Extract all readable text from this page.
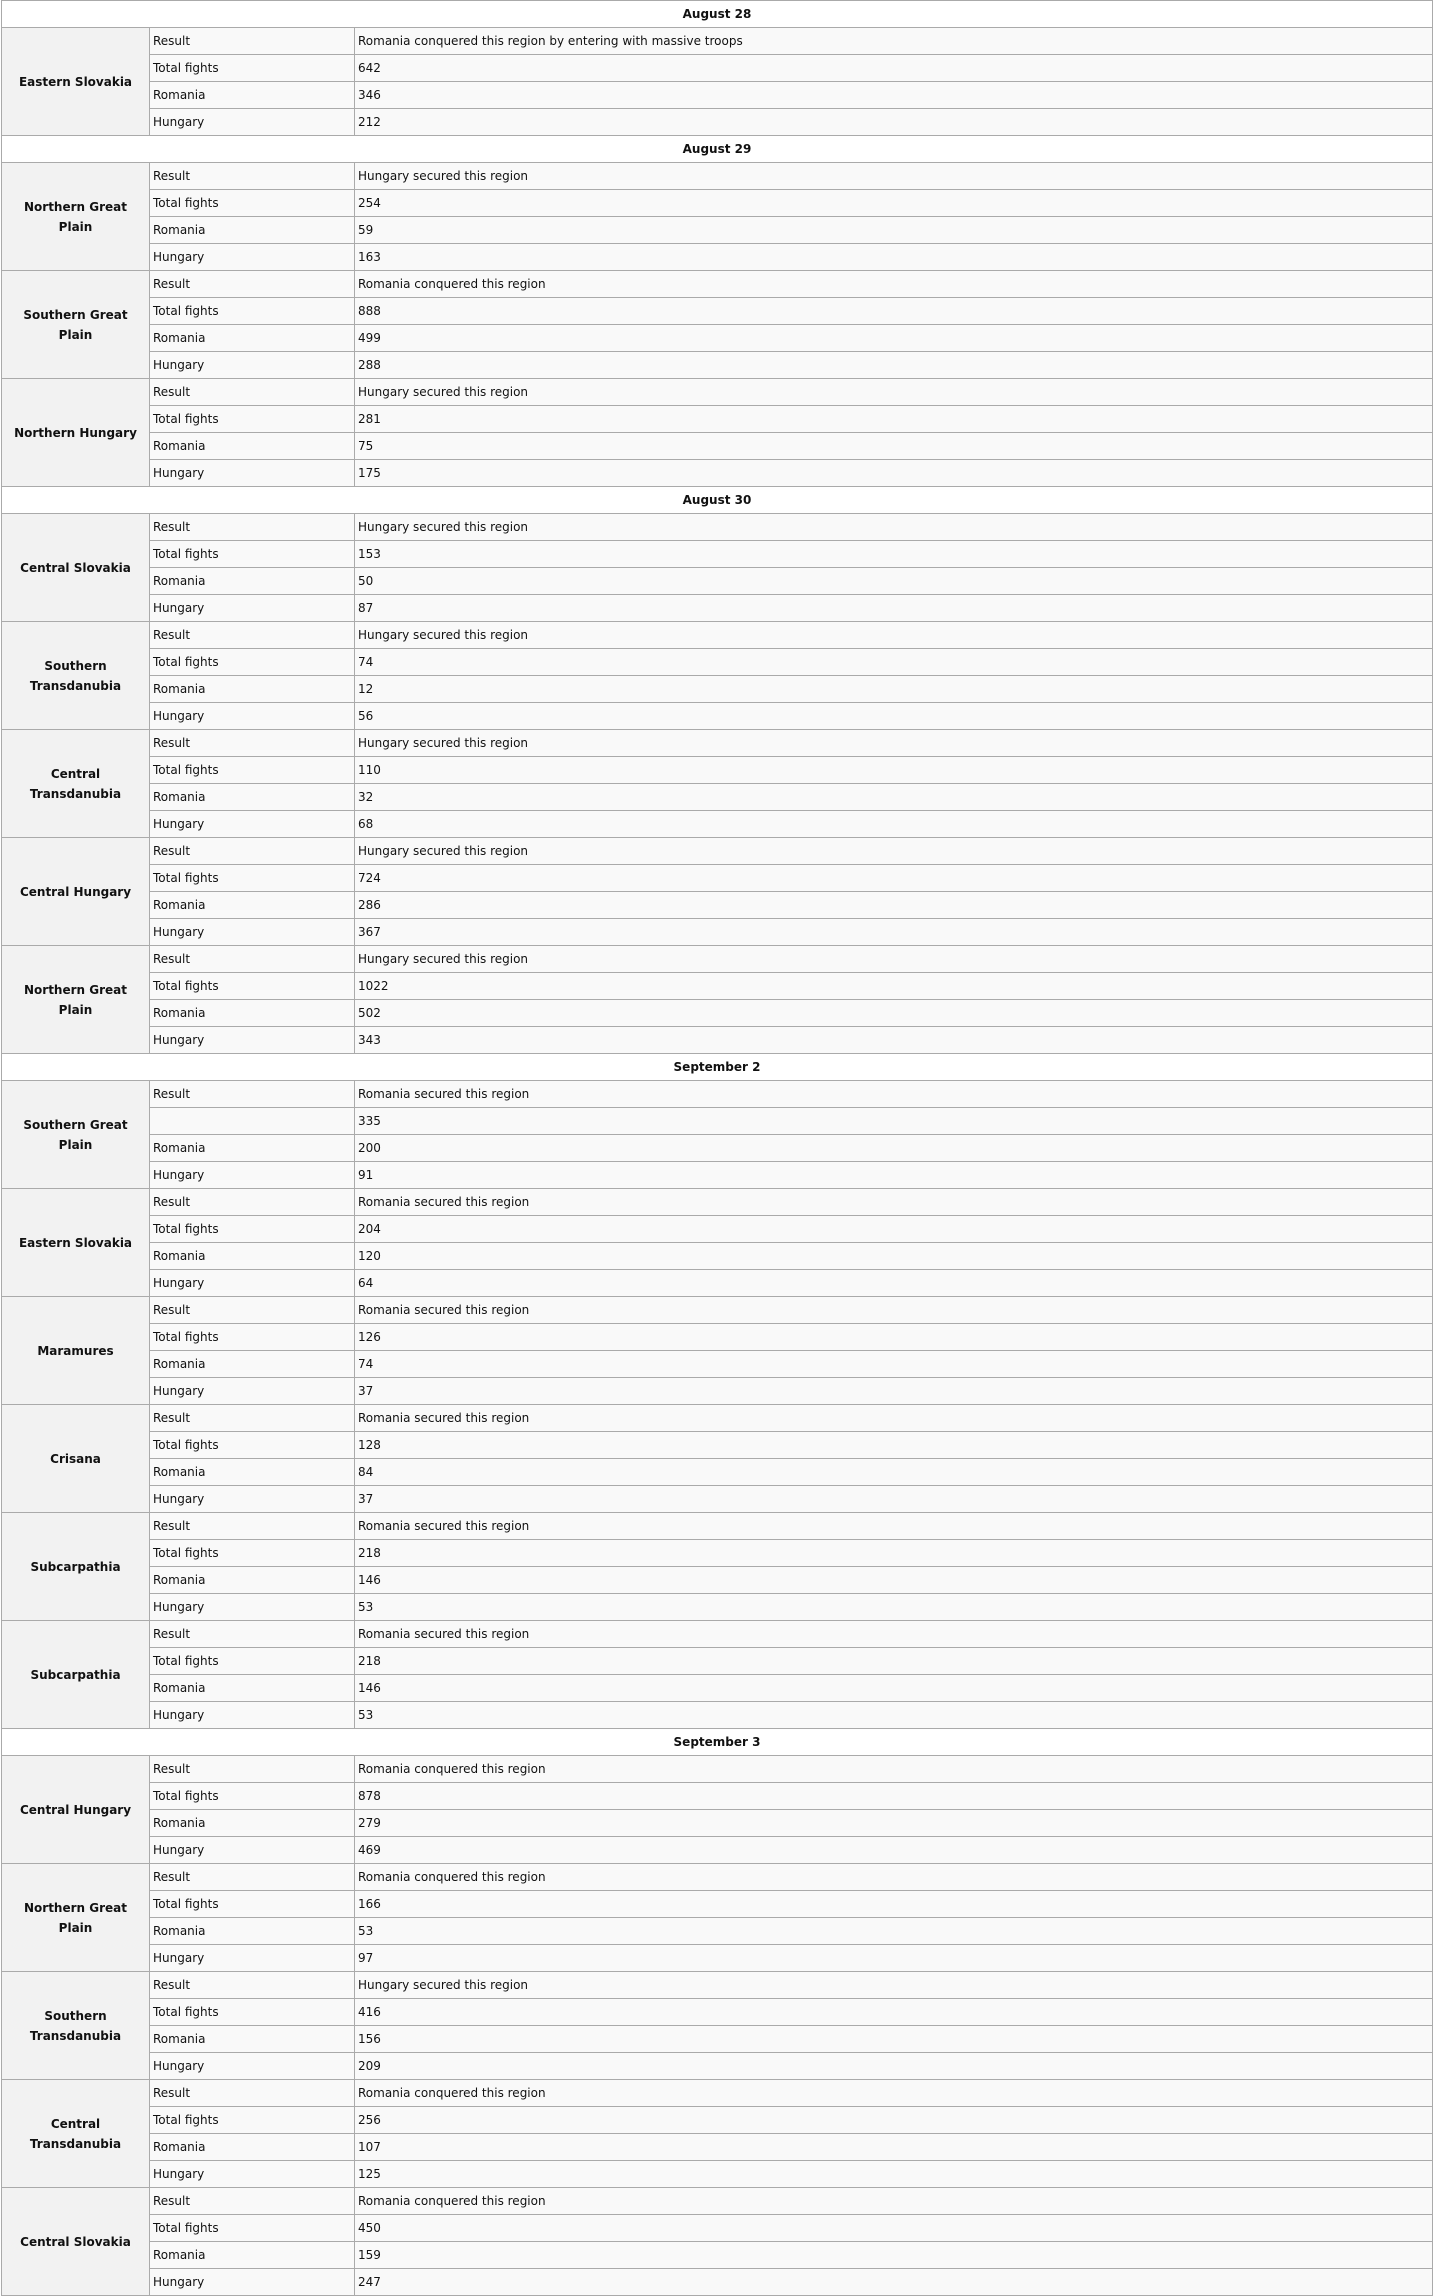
August 28		
Eastern Slovakia	Result	Romania conquered this region by entering with massive troops
	Total fights	642
	Romania	346
	Hungary	212
August 29		
Northern Great Plain	Result	Hungary secured this region
	Total fights	254
	Romania	59
	Hungary	163
Southern Great Plain	Result	Romania conquered this region
	Total fights	888
	Romania	499
	Hungary	288
Northern Hungary	Result	Hungary secured this region
	Total fights	281
	Romania	75
	Hungary	175
August 30		
Central Slovakia	Result	Hungary secured this region
	Total fights	153
	Romania	50
	Hungary	87
Southern Transdanubia	Result	Hungary secured this region
	Total fights	74
	Romania	12
	Hungary	56
Central Transdanubia	Result	Hungary secured this region
	Total fights	110
	Romania	32
	Hungary	68
Central Hungary	Result	Hungary secured this region
	Total fights	724
	Romania	286
	Hungary	367
Northern Great Plain	Result	Hungary secured this region
	Total fights	1022
	Romania	502
	Hungary	343
September 2		
Southern Great Plain	Result	Romania secured this region
		335
	Romania	200
	Hungary	91
Eastern Slovakia	Result	Romania secured this region
	Total fights	204
	Romania	120
	Hungary	64
Maramures	Result	Romania secured this region
	Total fights	126
	Romania	74
	Hungary	37
Crisana	Result	Romania secured this region
	Total fights	128
	Romania	84
	Hungary	37
Subcarpathia	Result	Romania secured this region
	Total fights	218
	Romania	146
	Hungary	53
Subcarpathia	Result	Romania secured this region
	Total fights	218
	Romania	146
	Hungary	53
September 3		
Central Hungary	Result	Romania conquered this region
	Total fights	878
	Romania	279
	Hungary	469
Northern Great Plain	Result	Romania conquered this region
	Total fights	166
	Romania	53
	Hungary	97
Southern Transdanubia	Result	Hungary secured this region
	Total fights	416
	Romania	156
	Hungary	209
Central Transdanubia	Result	Romania conquered this region
	Total fights	256
	Romania	107
	Hungary	125
Central Slovakia	Result	Romania conquered this region
	Total fights	450
	Romania	159
	Hungary	247
